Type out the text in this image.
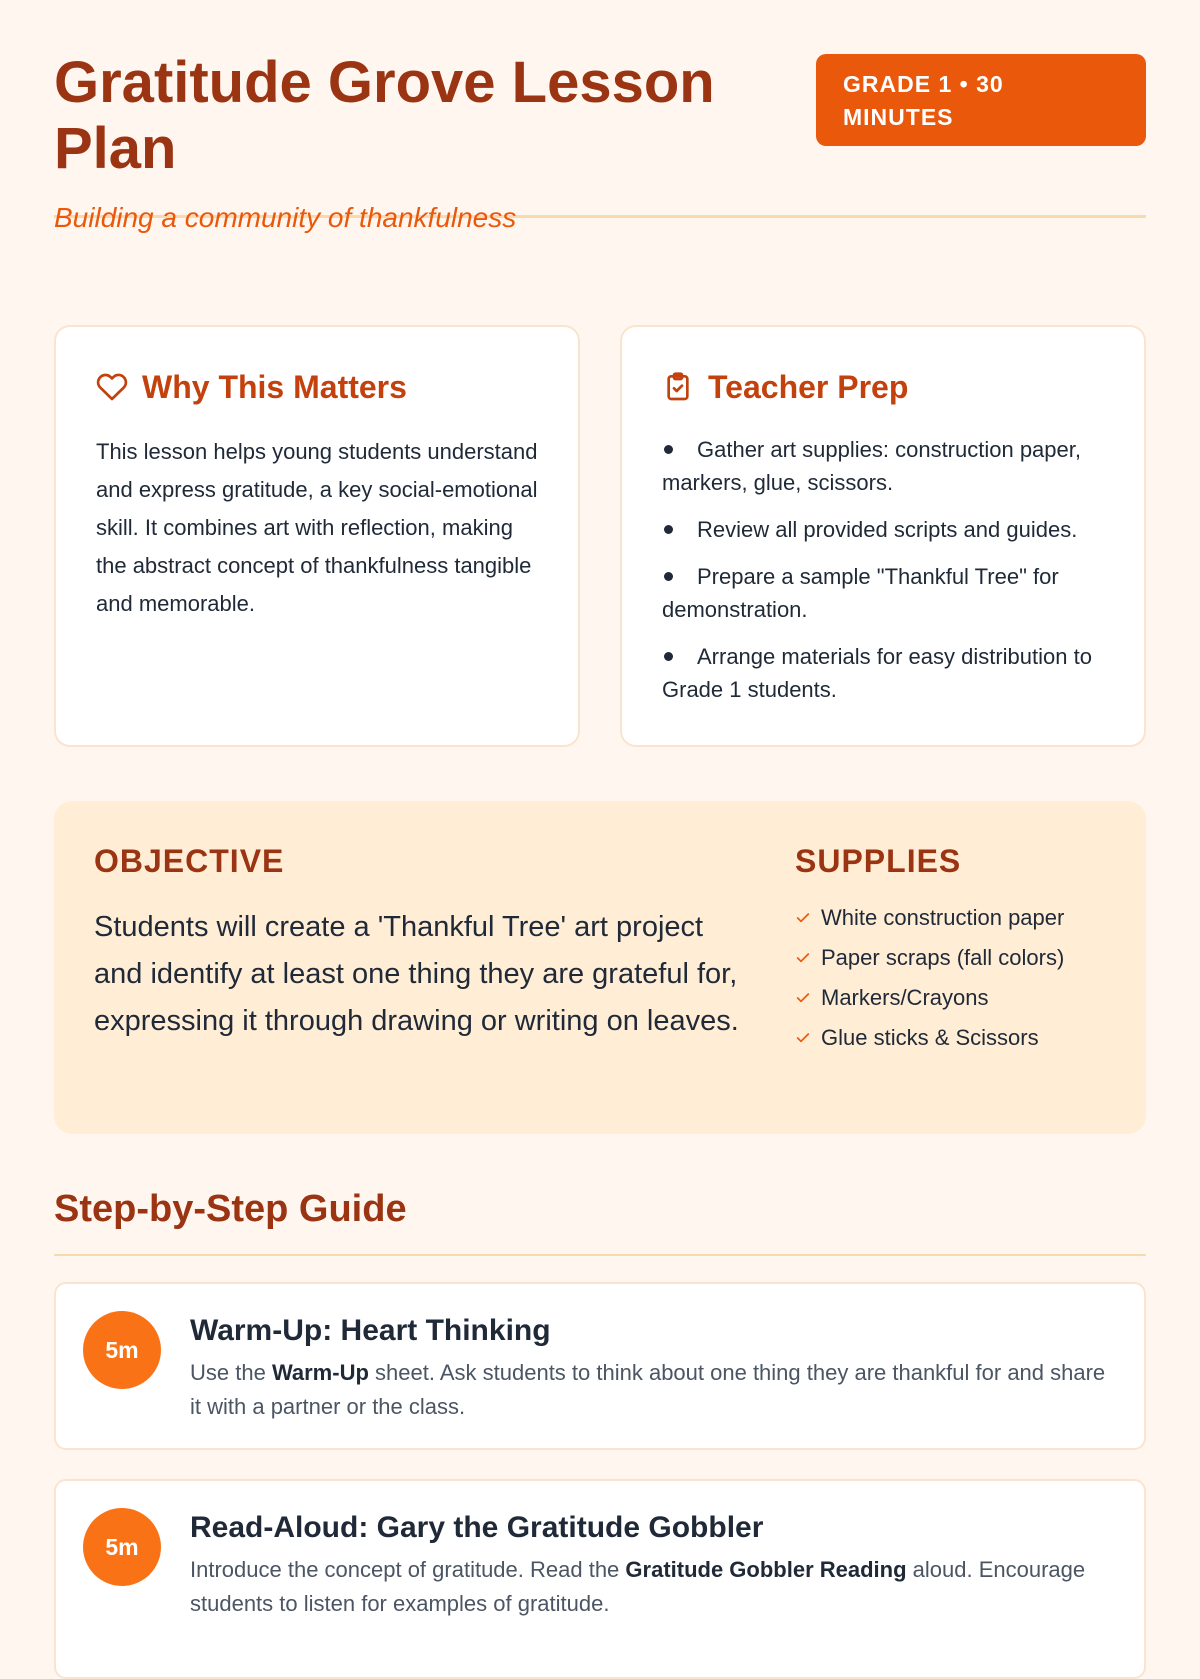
Gratitude Grove Lesson Plan

Building a community of thankfulness

GRADE 1 • 30 MINUTES
Why This Matters

This lesson helps young students understand and express gratitude, a key social-emotional skill. It combines art with reflection, making the abstract concept of thankfulness tangible and memorable.

Teacher Prep
Gather art supplies: construction paper, markers, glue, scissors.
Review all provided scripts and guides.
Prepare a sample "Thankful Tree" for demonstration.
Arrange materials for easy distribution to Grade 1 students.
OBJECTIVE

Students will create a 'Thankful Tree' art project and identify at least one thing they are grateful for, expressing it through drawing or writing on leaves.

SUPPLIES
White construction paper
Paper scraps (fall colors)
Markers/Crayons
Glue sticks & Scissors
Step-by-Step Guide
5m
Warm-Up: Heart Thinking

Use the Warm-Up sheet. Ask students to think about one thing they are thankful for and share it with a partner or the class.

5m
Read-Aloud: Gary the Gratitude Gobbler

Introduce the concept of gratitude. Read the Gratitude Gobbler Reading aloud. Encourage students to listen for examples of gratitude.
